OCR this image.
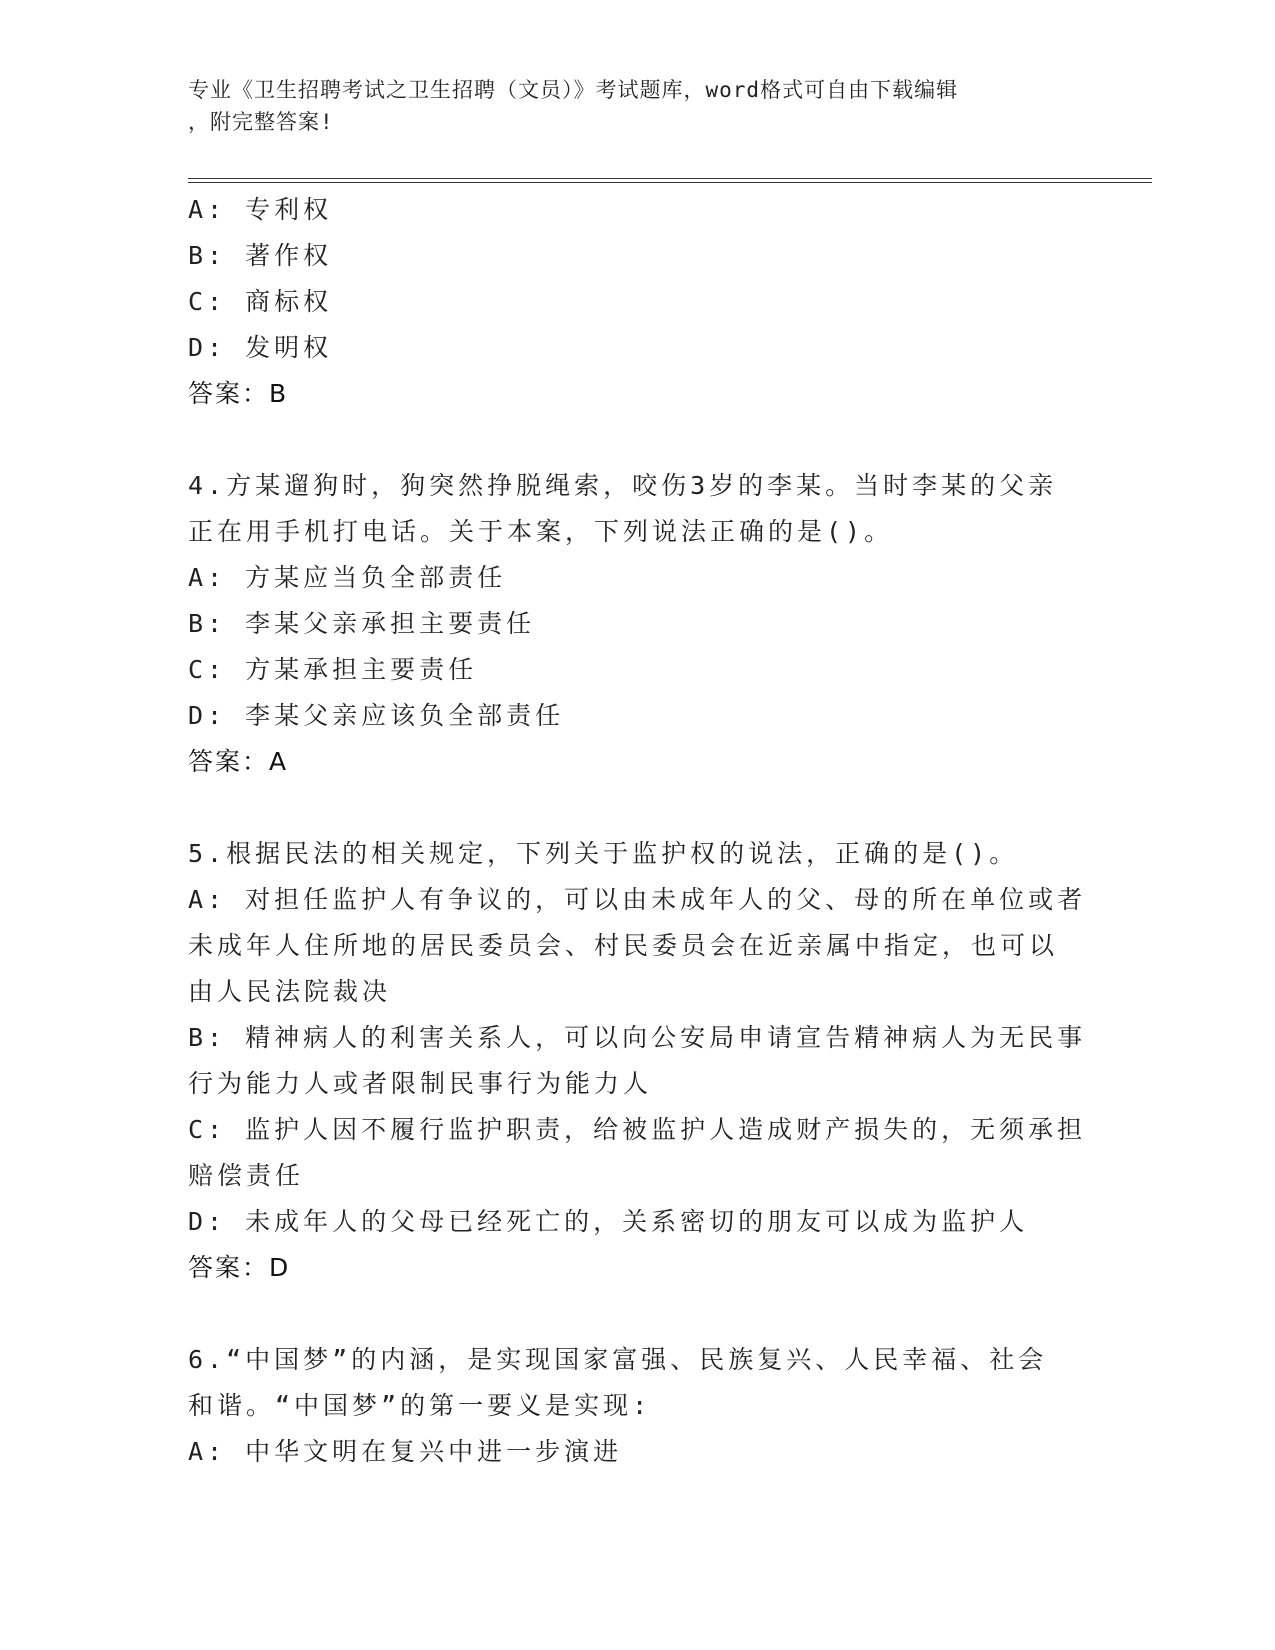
专业《卫生招聘考试之卫生招聘（文员）》考试题库，word格式可自由下载编辑
，附完整答案!
A: 专利权
B: 著作权
C: 商标权
D: 发明权
答案：B
4.方某遛狗时，狗突然挣脱绳索，咬伤3岁的李某。当时李某的父亲
正在用手机打电话。关于本案，下列说法正确的是()。
A: 方某应当负全部责任
B: 李某父亲承担主要责任
C: 方某承担主要责任
D: 李某父亲应该负全部责任
答案：A
5.根据民法的相关规定，下列关于监护权的说法，正确的是()。
A: 对担任监护人有争议的，可以由未成年人的父、母的所在单位或者
未成年人住所地的居民委员会、村民委员会在近亲属中指定，也可以
由人民法院裁决
B: 精神病人的利害关系人，可以向公安局申请宣告精神病人为无民事
行为能力人或者限制民事行为能力人
C: 监护人因不履行监护职责，给被监护人造成财产损失的，无须承担
赔偿责任
D: 未成年人的父母已经死亡的，关系密切的朋友可以成为监护人
答案：D
6.“中国梦”的内涵，是实现国家富强、民族复兴、人民幸福、社会
和谐。“中国梦”的第一要义是实现:
A: 中华文明在复兴中进一步演进
